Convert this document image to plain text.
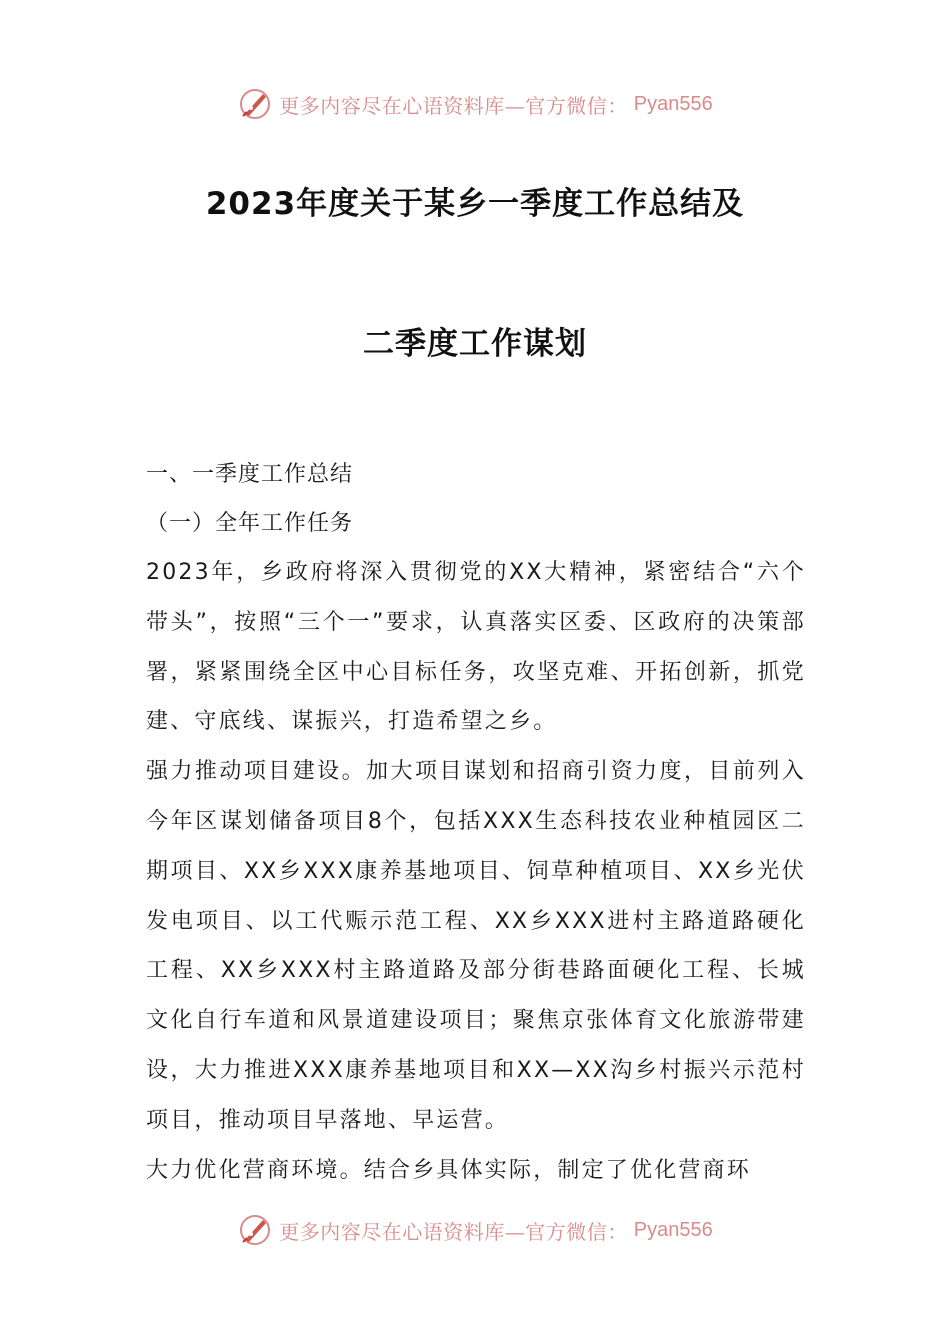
更多内容尽在心语资料库—官方微信： Pyan556
2023年度关于某乡一季度工作总结及
二季度工作谋划
一、一季度工作总结
（一）全年工作任务

2023年，乡政府将深入贯彻党的XX大精神，紧密结合“六个带头”，按照“三个一”要求，认真落实区委、区政府的决策部署，紧紧围绕全区中心目标任务，攻坚克难、开拓创新，抓党建、守底线、谋振兴，打造希望之乡。

强力推动项目建设。加大项目谋划和招商引资力度，目前列入今年区谋划储备项目8个，包括XXX生态科技农业种植园区二期项目、XX乡XXX康养基地项目、饲草种植项目、XX乡光伏发电项目、以工代赈示范工程、XX乡XXX进村主路道路硬化工程、XX乡XXX村主路道路及部分街巷路面硬化工程、长城文化自行车道和风景道建设项目；聚焦京张体育文化旅游带建设，大力推进XXX康养基地项目和XX—XX沟乡村振兴示范村项目，推动项目早落地、早运营。

大力优化营商环境。结合乡具体实际，制定了优化营商环

更多内容尽在心语资料库—官方微信： Pyan556
